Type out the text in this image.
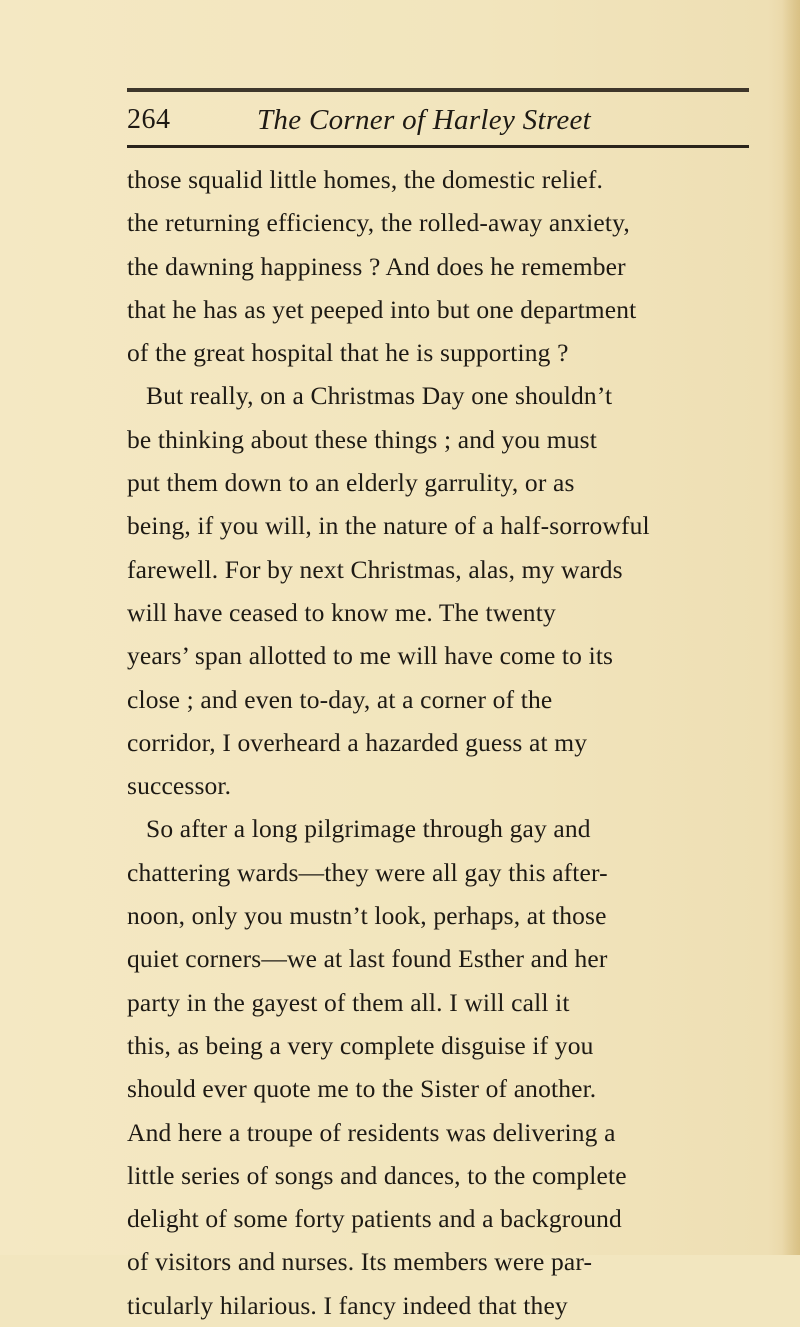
264	The Corner of Harley Street
those squalid little homes, the domestic relief.
the returning efficiency, the rolled-away anxiety,
the dawning happiness ? And does he remember
that he has as yet peeped into but one department
of the great hospital that he is supporting ?
But really, on a Christmas Day one shouldn’t
be thinking about these things ; and you must
put them down to an elderly garrulity, or as
being, if you will, in the nature of a half-sorrowful
farewell. For by next Christmas, alas, my wards
will have ceased to know me. The twenty
years’ span allotted to me will have come to its
close ; and even to-day, at a corner of the
corridor, I overheard a hazarded guess at my
successor.
So after a long pilgrimage through gay and
chattering wards—they were all gay this after-
noon, only you mustn’t look, perhaps, at those
quiet corners—we at last found Esther and her
party in the gayest of them all. I will call it
this, as being a very complete disguise if you
should ever quote me to the Sister of another.
And here a troupe of residents was delivering a
little series of songs and dances, to the complete
delight of some forty patients and a background
of visitors and nurses. Its members were par-
ticularly hilarious. I fancy indeed that they
